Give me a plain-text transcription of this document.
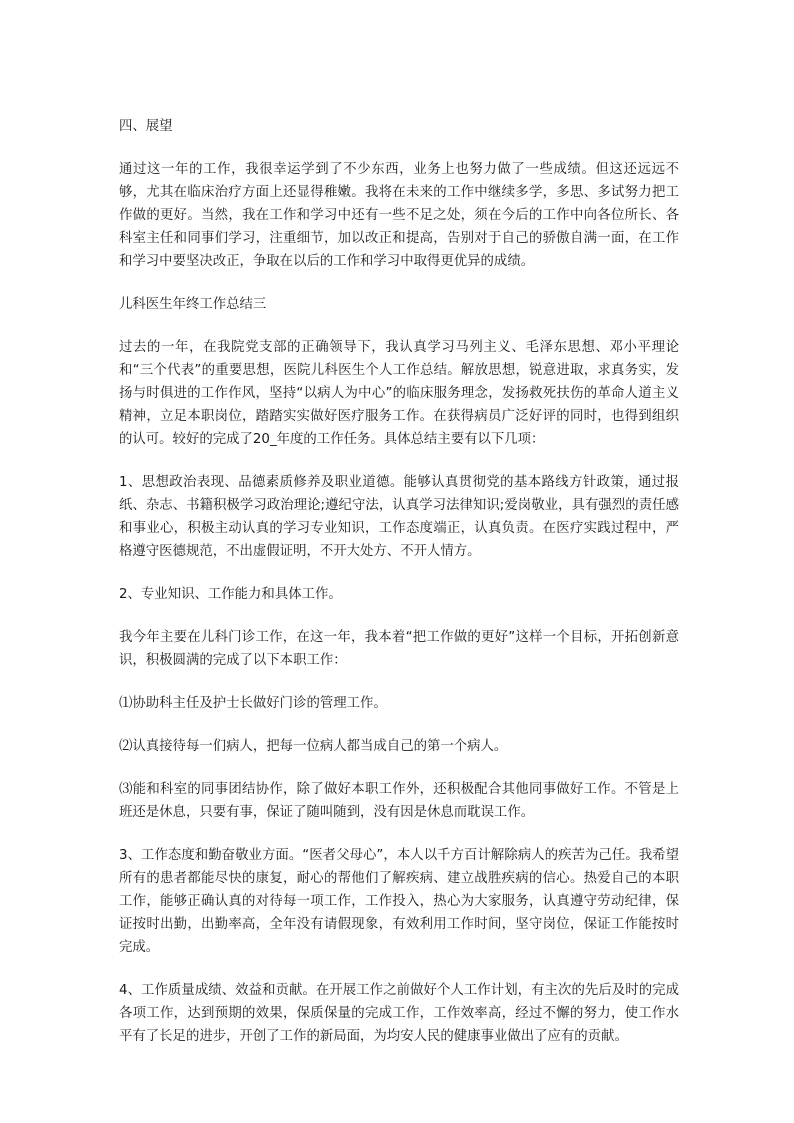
四、展望

通过这一年的工作，我很幸运学到了不少东西，业务上也努力做了一些成绩。但这还远远不够，尤其在临床治疗方面上还显得稚嫩。我将在未来的工作中继续多学，多思、多试努力把工作做的更好。当然，我在工作和学习中还有一些不足之处，须在今后的工作中向各位所长、各科室主任和同事们学习，注重细节，加以改正和提高，告别对于自己的骄傲自满一面，在工作和学习中要坚决改正，争取在以后的工作和学习中取得更优异的成绩。

儿科医生年终工作总结三

过去的一年，在我院党支部的正确领导下，我认真学习马列主义、毛泽东思想、邓小平理论和“三个代表”的重要思想，医院儿科医生个人工作总结。解放思想，锐意进取，求真务实，发扬与时俱进的工作作风，坚持“以病人为中心”的临床服务理念，发扬救死扶伤的革命人道主义精神，立足本职岗位，踏踏实实做好医疗服务工作。在获得病员广泛好评的同时，也得到组织的认可。较好的完成了20_年度的工作任务。具体总结主要有以下几项：

1、思想政治表现、品德素质修养及职业道德。能够认真贯彻党的基本路线方针政策，通过报纸、杂志、书籍积极学习政治理论;遵纪守法，认真学习法律知识;爱岗敬业，具有强烈的责任感和事业心，积极主动认真的学习专业知识，工作态度端正，认真负责。在医疗实践过程中，严格遵守医德规范，不出虚假证明，不开大处方、不开人情方。

2、专业知识、工作能力和具体工作。

我今年主要在儿科门诊工作，在这一年，我本着“把工作做的更好”这样一个目标，开拓创新意识，积极圆满的完成了以下本职工作：

⑴协助科主任及护士长做好门诊的管理工作。

⑵认真接待每一们病人，把每一位病人都当成自己的第一个病人。

⑶能和科室的同事团结协作，除了做好本职工作外，还积极配合其他同事做好工作。不管是上班还是休息，只要有事，保证了随叫随到，没有因是休息而耽误工作。

3、工作态度和勤奋敬业方面。“医者父母心”，本人以千方百计解除病人的疾苦为己任。我希望所有的患者都能尽快的康复，耐心的帮他们了解疾病、建立战胜疾病的信心。热爱自己的本职工作，能够正确认真的对待每一项工作，工作投入，热心为大家服务，认真遵守劳动纪律，保证按时出勤，出勤率高，全年没有请假现象，有效利用工作时间，坚守岗位，保证工作能按时完成。

4、工作质量成绩、效益和贡献。在开展工作之前做好个人工作计划，有主次的先后及时的完成各项工作，达到预期的效果，保质保量的完成工作，工作效率高，经过不懈的努力，使工作水平有了长足的进步，开创了工作的新局面，为均安人民的健康事业做出了应有的贡献。
